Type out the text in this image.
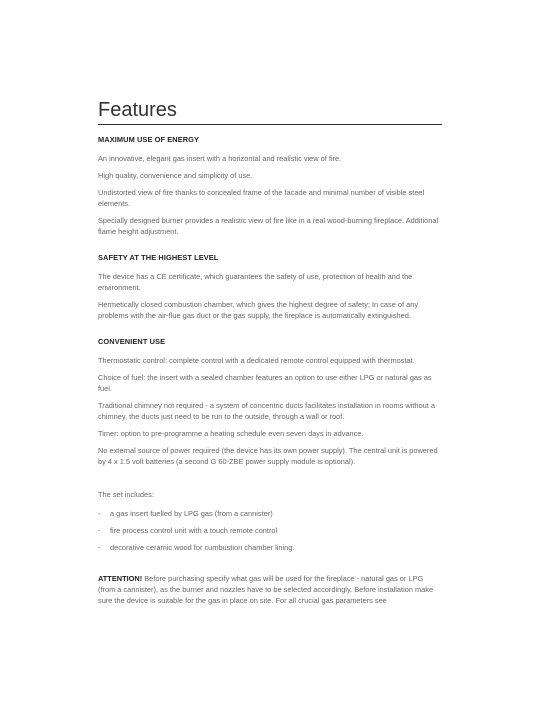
Features

MAXIMUM USE OF ENERGY

An innovative, elegant gas insert with a horizontal and realistic view of fire.

High quality, convenience and simplicity of use.

Undistorted view of fire thanks to concealed frame of the facade and minimal number of visible steel elements.

Specially designed burner provides a realistic view of fire like in a real wood-burning fireplace. Additional flame height adjustment.

SAFETY AT THE HIGHEST LEVEL

The device has a CE certificate, which guarantees the safety of use, protection of health and the environment.

Hermetically closed combustion chamber, which gives the highest degree of safety; In case of any problems with the air-flue gas duct or the gas supply, the fireplace is automatically extinguished.

CONVENIENT USE

Thermostatic control: complete control with a dedicated remote control equipped with thermostat.

Choice of fuel: the insert with a sealed chamber features an option to use either LPG or natural gas as fuel.

Traditional chimney not required - a system of concentric ducts facilitates installation in rooms without a chimney, the ducts just need to be run to the outside, through a wall or roof.

Timer: option to pre-programme a heating schedule even seven days in advance.

No external source of power required (the device has its own power supply). The central unit is powered by 4 x 1.5 volt batteries (a second G 60-ZBE power supply module is optional).

The set includes:

-	a gas insert fuelled by LPG gas (from a cannister)
-	fire process control unit with a touch remote control
-	decorative ceramic wood for cumbustion chamber lining.

ATTENTION! Before purchasing specify what gas will be used for the fireplace - natural gas or LPG (from a cannister), as the burner and nozzles have to be selected accordingly. Before installation make sure the device is suitable for the gas in place on site. For all crucial gas parameters see
